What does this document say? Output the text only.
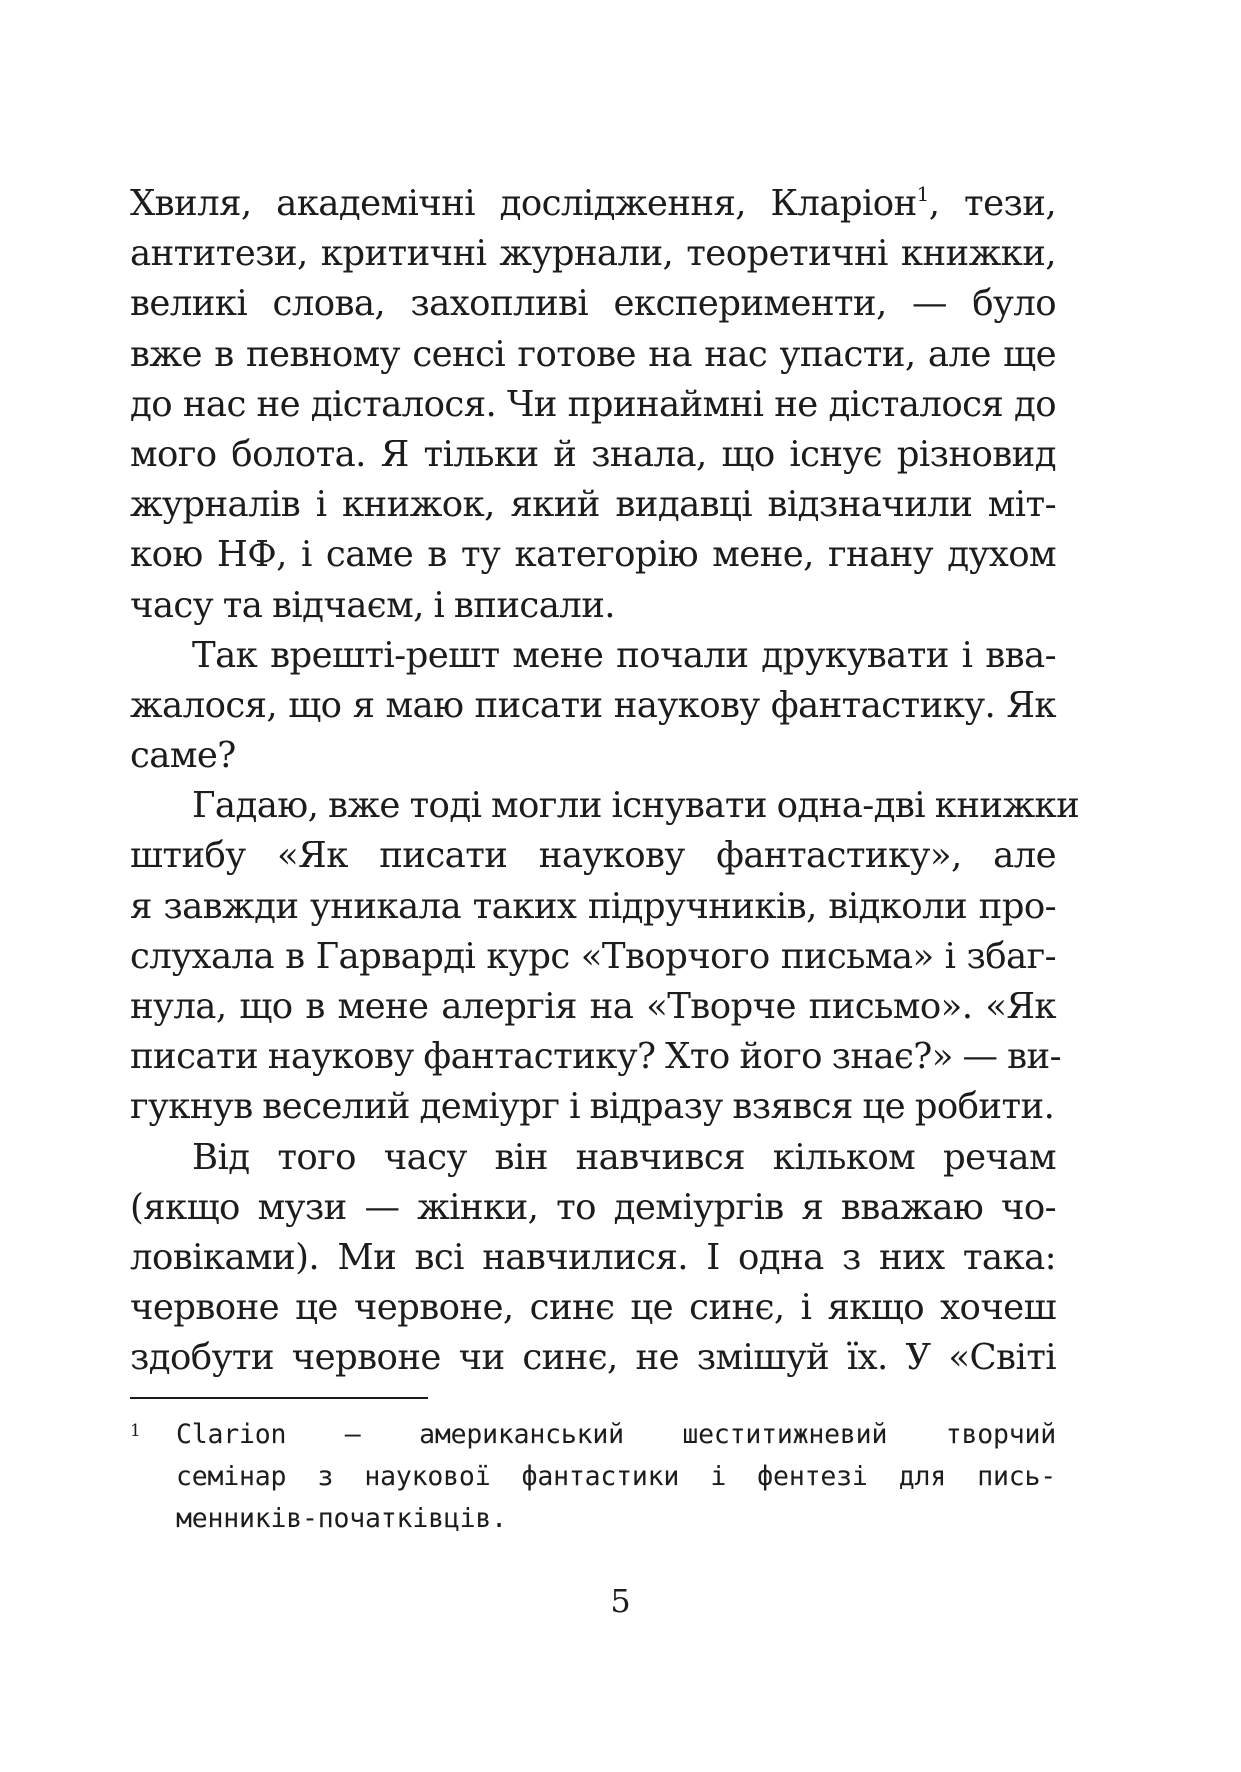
Хвиля, академічні дослідження, Кларіон$^1$, тези,
антитези, критичні журнали, теоретичні книжки,
великі слова, захопливі експерименти, — було
вже в певному сенсі готове на нас упасти, але ще
до нас не дісталося. Чи принаймні не дісталося до
мого болота. Я тільки й знала, що існує різновид
журналів і книжок, який видавці відзначили міт-
кою НФ, і саме в ту категорію мене, гнану духом
часу та відчаєм, і вписали.
Так врешті-решт мене почали друкувати і вва-
жалося, що я маю писати наукову фантастику. Як
саме?
Гадаю, вже тоді могли існувати одна-дві книжки
штибу «Як писати наукову фантастику», але
я завжди уникала таких підручників, відколи про-
слухала в Гарварді курс «Творчого письма» і збаг-
нула, що в мене алергія на «Творче письмо». «Як
писати наукову фантастику? Хто його знає?» — ви-
гукнув веселий деміург і відразу взявся це робити.
Від того часу він навчився кільком речам
(якщо музи — жінки, то деміургів я вважаю чо-
ловіками). Ми всі навчилися. І одна з них така:
червоне це червоне, синє це синє, і якщо хочеш
здобути червоне чи синє, не змішуй їх. У «Світі
1 Clarion — американський шеститижневий творчий
семінар з наукової фантастики і фентезі для пись-
менників-початківців.
5
